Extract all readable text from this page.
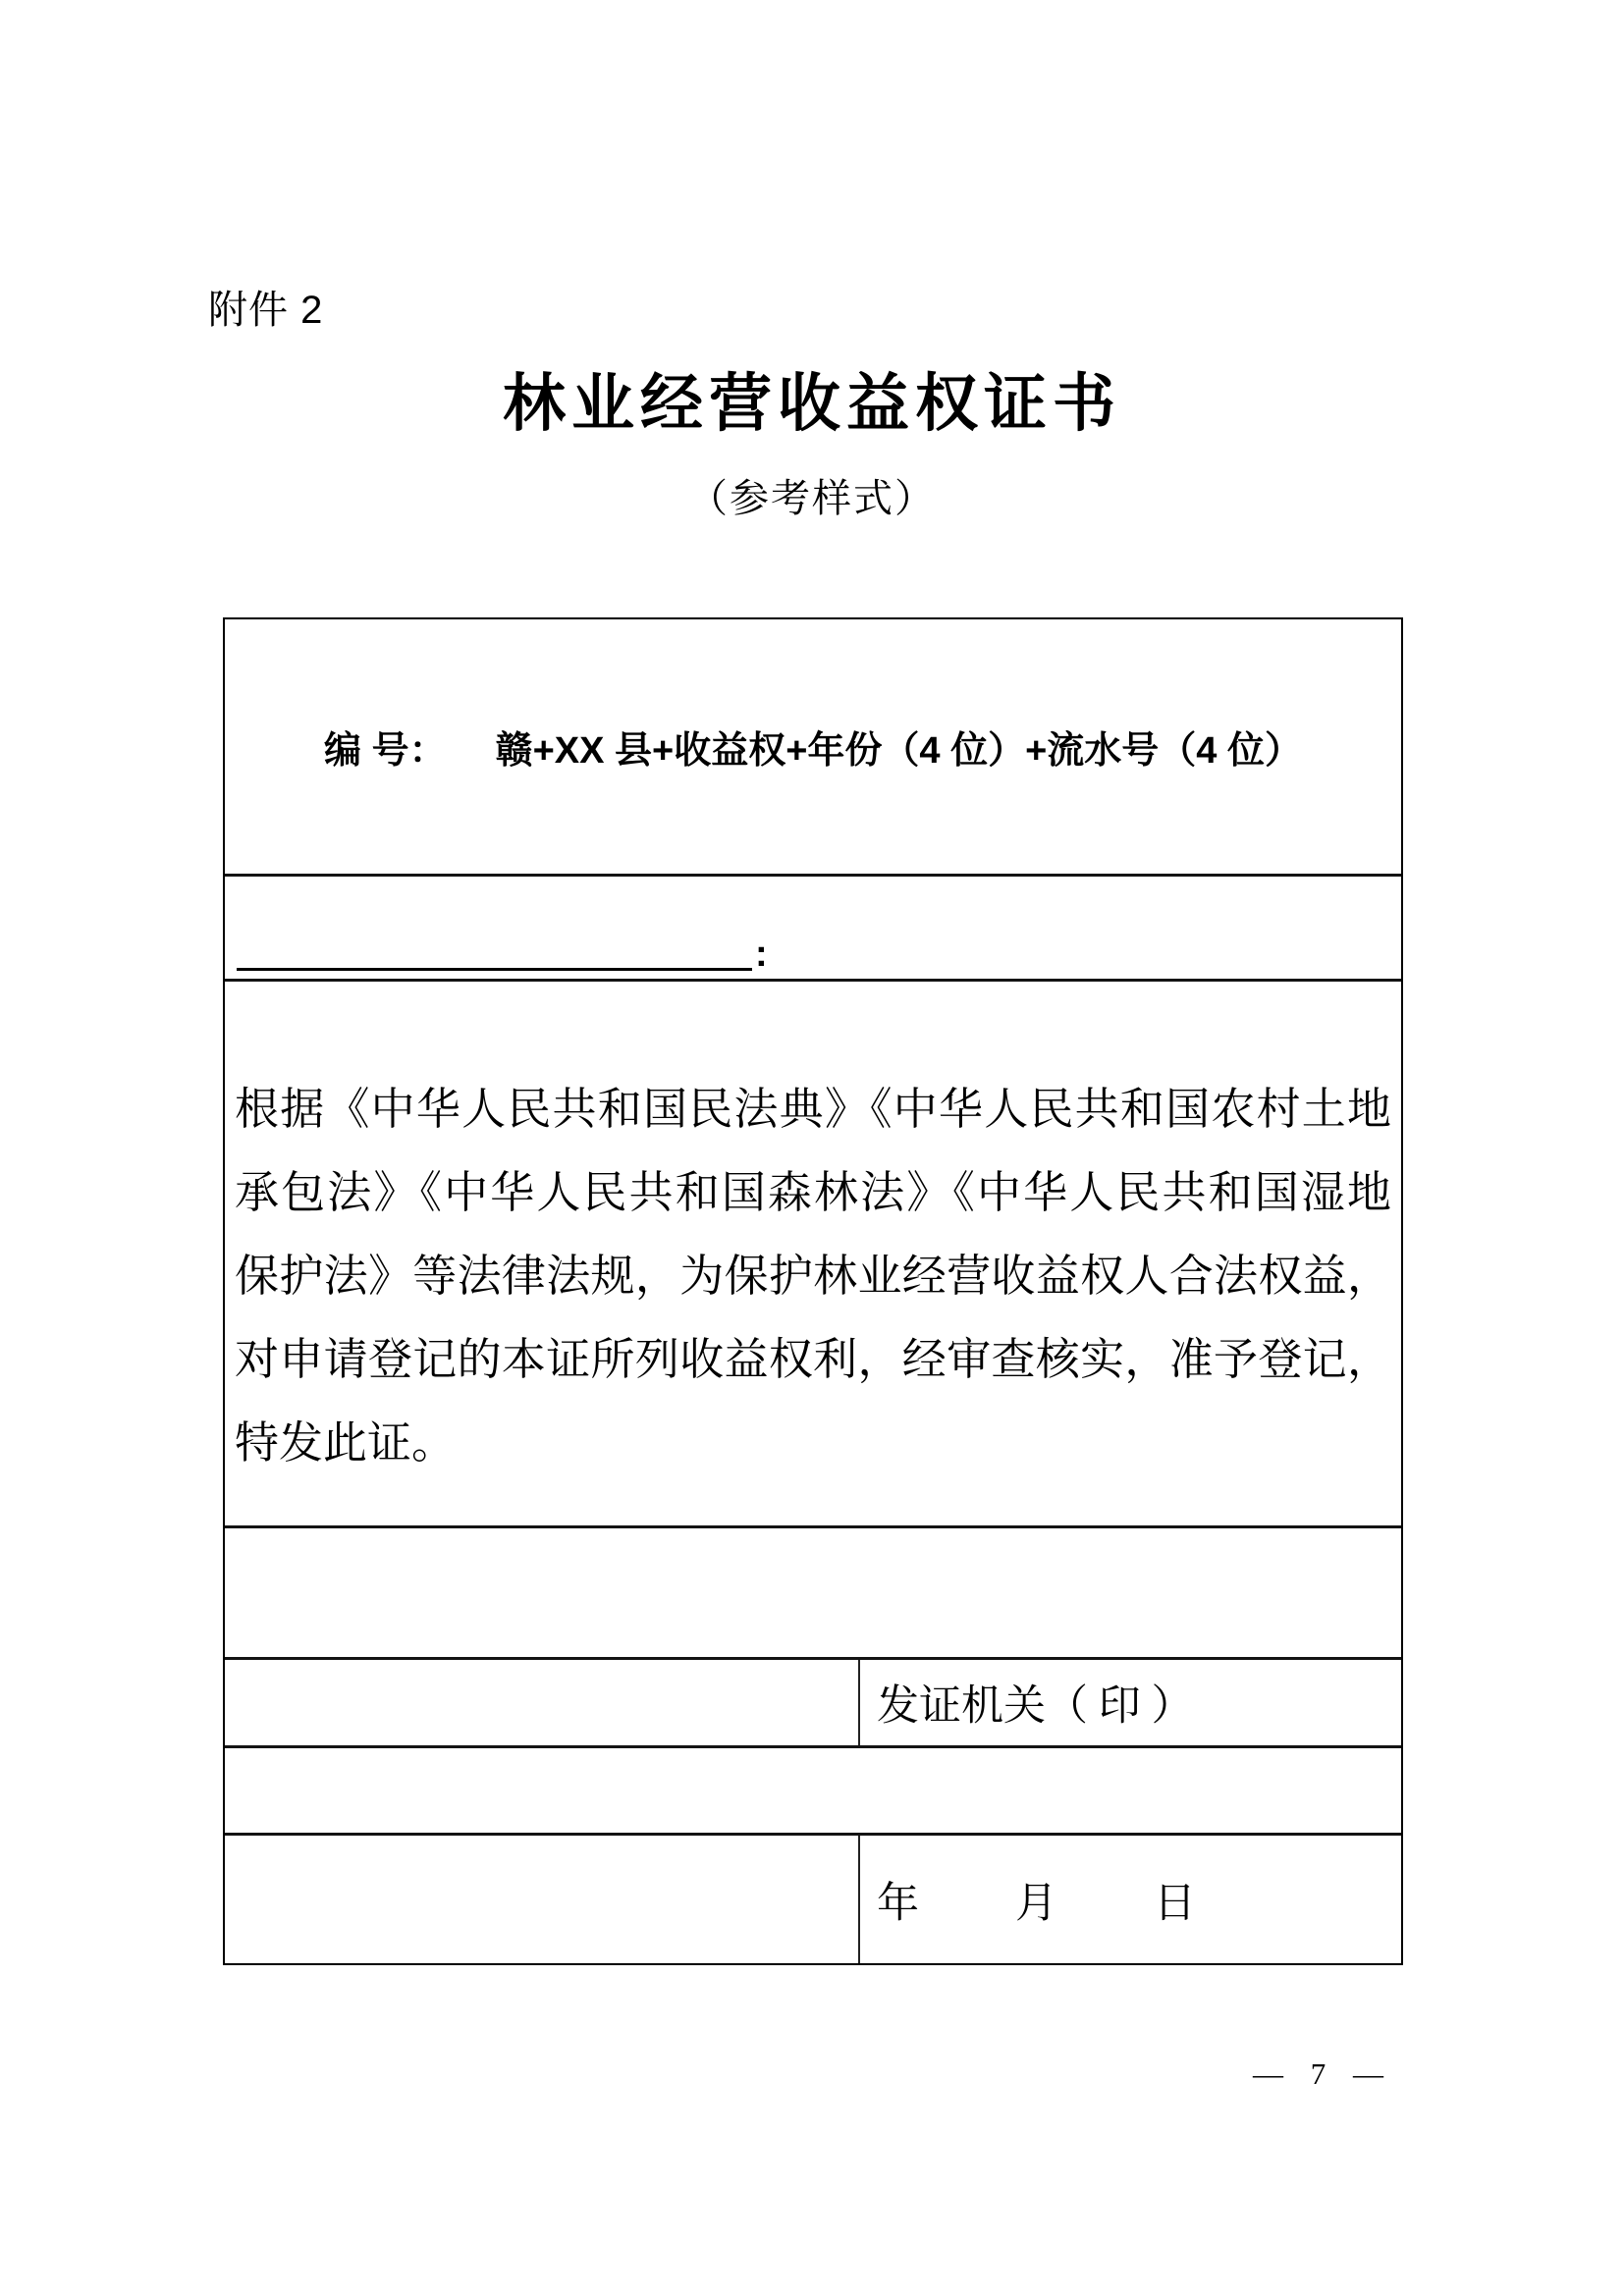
附件 2
林业经营收益权证书
（参考样式）
编 号： 赣+XX 县+收益权+年份（4 位）+流水号（4 位）
:
根据《中华人民共和国民法典》《中华人民共和国农村土地
承包法》《中华人民共和国森林法》《中华人民共和国湿地
保护法》等法律法规，为保护林业经营收益权人合法权益，
对申请登记的本证所列收益权利，经审查核实，准予登记，
特发此证。
发证机关（ 印 ）
年　　月　　日
— 7 —
